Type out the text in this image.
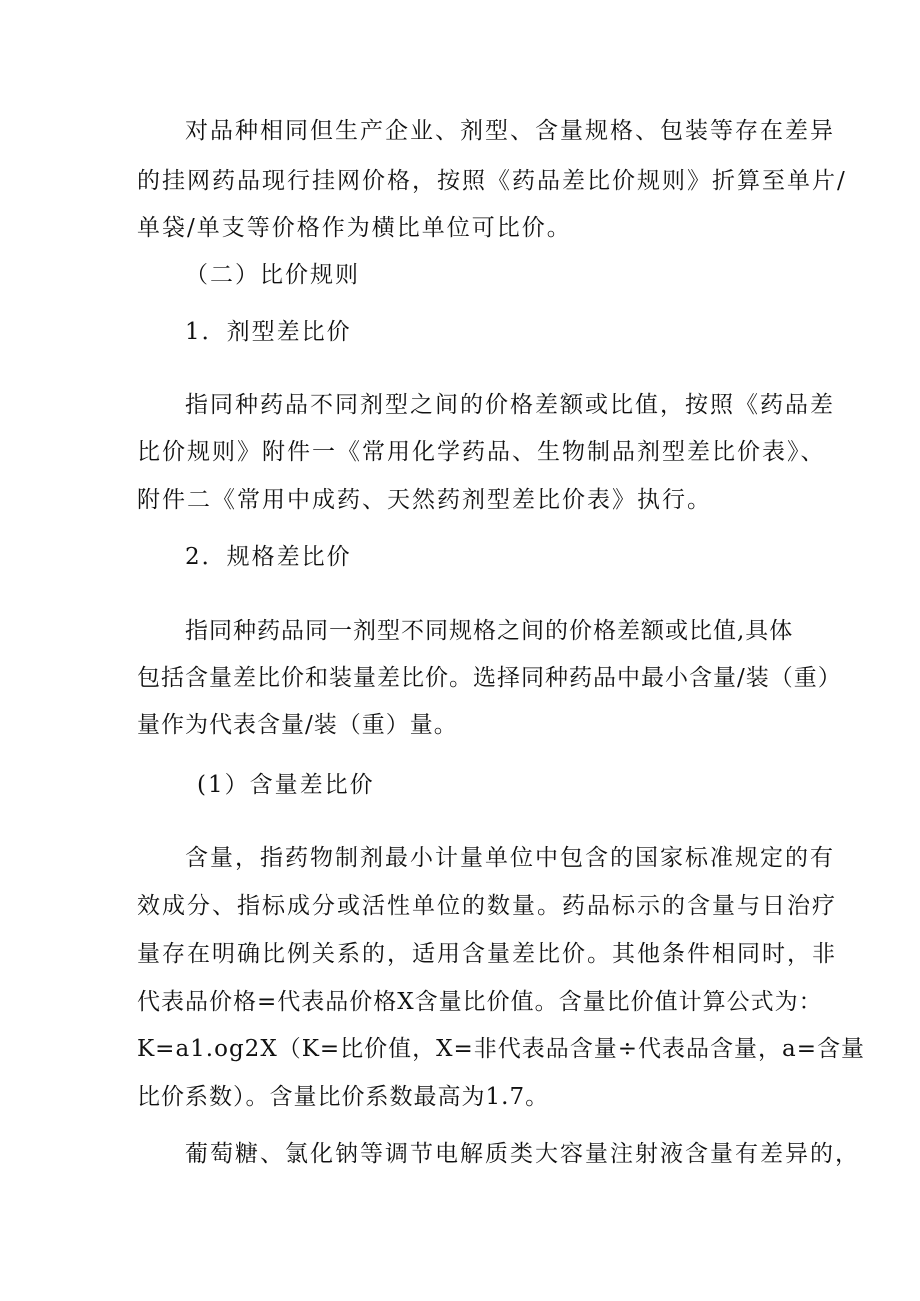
对品种相同但生产企业、剂型、含量规格、包装等存在差异
的挂网药品现行挂网价格，按照《药品差比价规则》折算至单片/
单袋/单支等价格作为横比单位可比价。
（二）比价规则
1．剂型差比价
指同种药品不同剂型之间的价格差额或比值，按照《药品差
比价规则》附件一《常用化学药品、生物制品剂型差比价表》、
附件二《常用中成药、天然药剂型差比价表》执行。
2．规格差比价
指同种药品同一剂型不同规格之间的价格差额或比值,具体
包括含量差比价和装量差比价。选择同种药品中最小含量/装（重）
量作为代表含量/装（重）量。
(1）含量差比价
含量，指药物制剂最小计量单位中包含的国家标准规定的有
效成分、指标成分或活性单位的数量。药品标示的含量与日治疗
量存在明确比例关系的，适用含量差比价。其他条件相同时，非
代表品价格=代表品价格X含量比价值。含量比价值计算公式为：
K=a1.og2X（K=比价值，X=非代表品含量÷代表品含量，a=含量
比价系数）。含量比价系数最高为1.7。
葡萄糖、氯化钠等调节电解质类大容量注射液含量有差异的，
